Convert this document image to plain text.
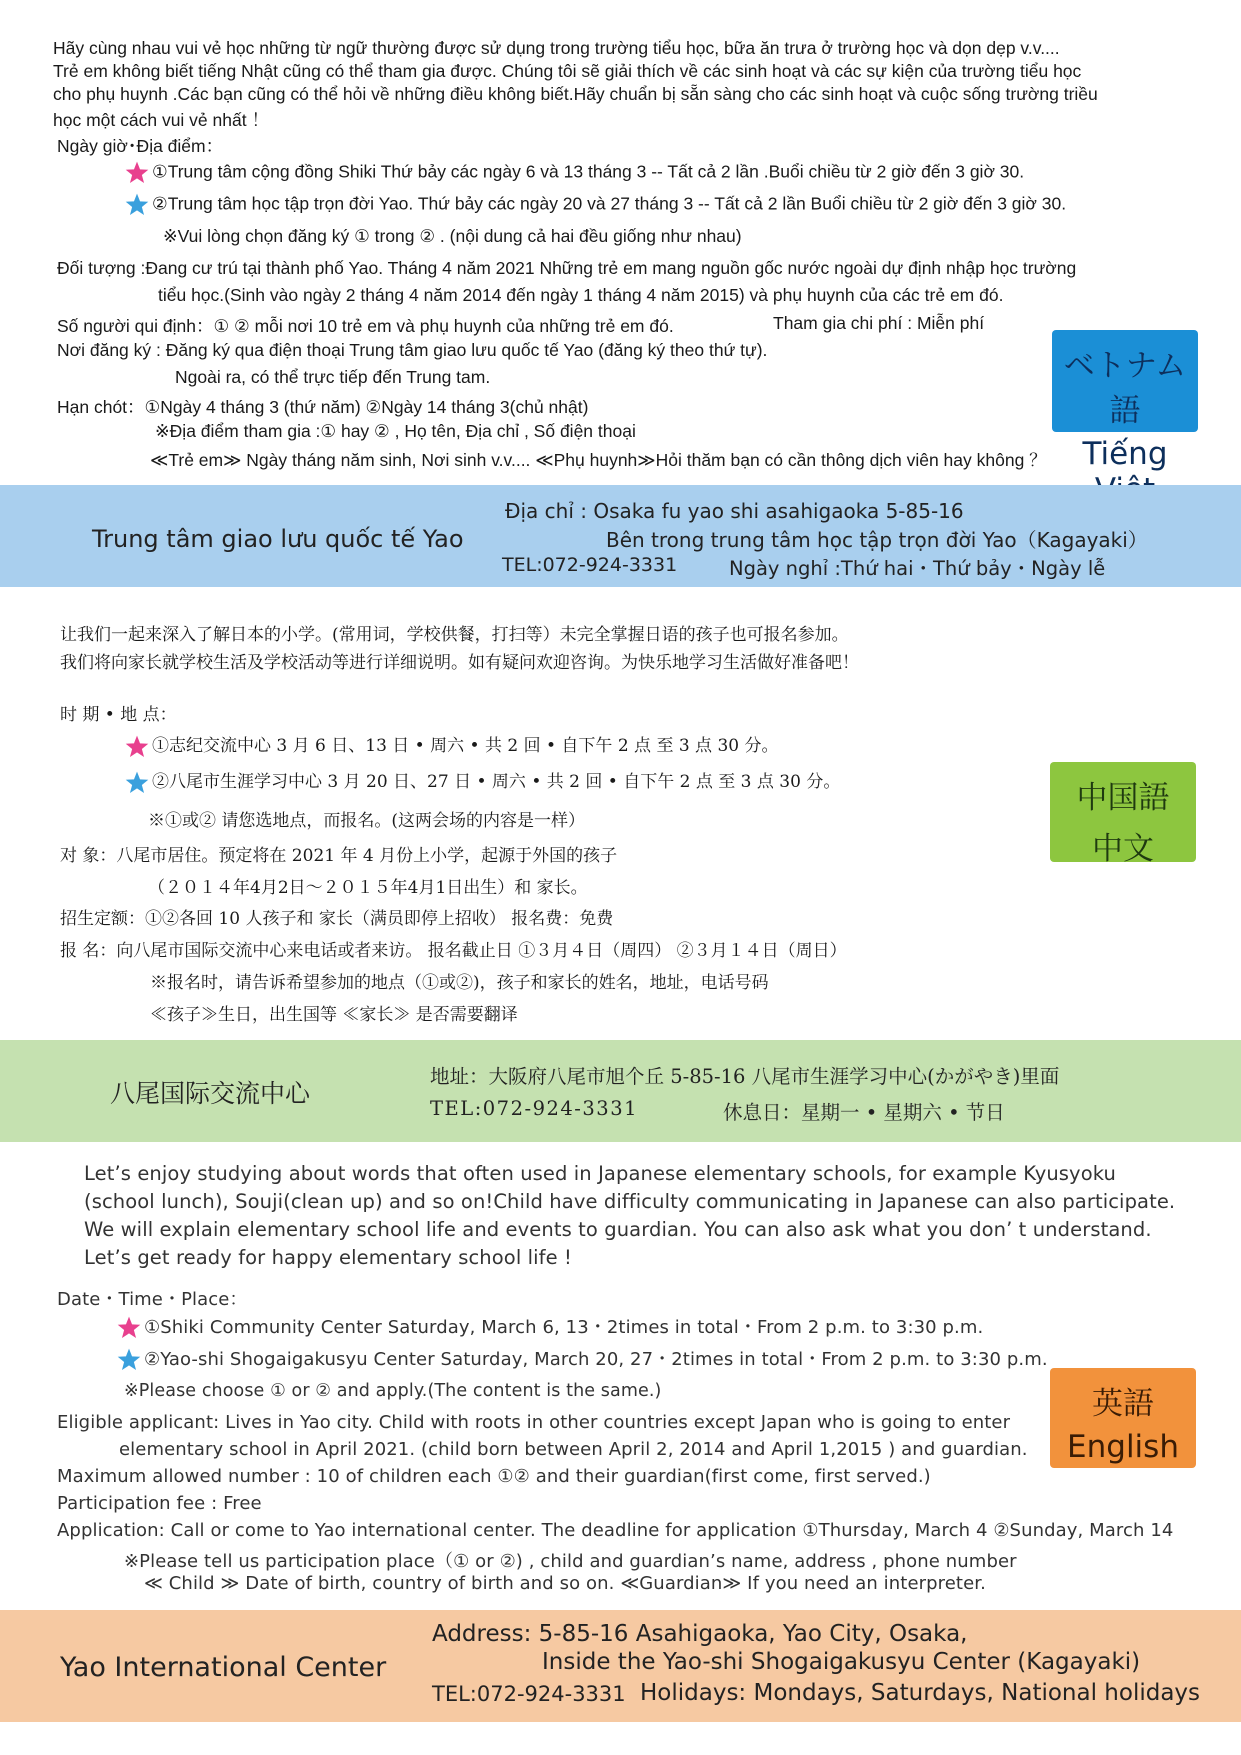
Hãy cùng nhau vui vẻ học những từ ngữ thường được sử dụng trong trường tiểu học, bữa ăn trưa ở trường học và dọn dẹp v.v....
Trẻ em không biết tiếng Nhật cũng có thể tham gia được. Chúng tôi sẽ giải thích về các sinh hoạt và các sự kiện của trường tiểu học
cho phụ huynh .Các bạn cũng có thể hỏi về những điều không biết.Hãy chuẩn bị sẵn sàng cho các sinh hoạt và cuộc sống trường triều
học một cách vui vẻ nhất ！
Ngày giờ･Địa điểm：
①Trung tâm cộng đồng Shiki Thứ bảy các ngày 6 và 13 tháng 3 -- Tất cả 2 lần .Buổi chiều từ 2 giờ đến 3 giờ 30.
②Trung tâm học tập trọn đời Yao. Thứ bảy các ngày 20 và 27 tháng 3 -- Tất cả 2 lần Buổi chiều từ 2 giờ đến 3 giờ 30.
※Vui lòng chọn đăng ký ① trong ② . (nội dung cả hai đều giống như nhau)
Đối tượng :Đang cư trú tại thành phố Yao. Tháng 4 năm 2021 Những trẻ em mang nguồn gốc nước ngoài dự định nhập học trường
tiểu học.(Sinh vào ngày 2 tháng 4 năm 2014 đến ngày 1 tháng 4 năm 2015) và phụ huynh của các trẻ em đó.
Số người qui định：① ② mỗi nơi 10 trẻ em và phụ huynh của những trẻ em đó.	Tham gia chi phí : Miễn phí
Nơi đăng ký : Đăng ký qua điện thoại Trung tâm giao lưu quốc tế Yao (đăng ký theo thứ tự).
Ngoài ra, có thể trực tiếp đến Trung tam.
Hạn chót：①Ngày 4 tháng 3 (thứ năm) ②Ngày 14 tháng 3(chủ nhật)
※Địa điểm tham gia :① hay ② , Họ tên, Địa chỉ , Số điện thoại
≪Trẻ em≫ Ngày tháng năm sinh, Nơi sinh v.v.... ≪Phụ huynh≫Hỏi thăm bạn có cần thông dịch viên hay không ？
ベトナム語
Tiếng
Trung tâm giao lưu quốc tế Yao
Địa chỉ : Osaka fu yao shi asahigaoka 5-85-16
Bên trong trung tâm học tập trọn đời Yao（Kagayaki）
TEL:072-924-3331	Ngày nghỉ :Thứ hai・Thứ bảy・Ngày lễ
让我们一起来深入了解日本的小学。(常用词，学校供餐，打扫等）未完全掌握日语的孩子也可报名参加。
我们将向家长就学校生活及学校活动等进行详细说明。如有疑问欢迎咨询。为快乐地学习生活做好准备吧！
时 期 • 地 点：
①志纪交流中心 3 月 6 日、13 日 • 周六 • 共 2 回 • 自下午 2 点 至 3 点 30 分。
②八尾市生涯学习中心 3 月 20 日、27 日 • 周六 • 共 2 回 • 自下午 2 点 至 3 点 30 分。
※①或② 请您选地点，而报名。(这两会场的内容是一样）
对 象：八尾市居住。预定将在 2021 年 4 月份上小学，起源于外国的孩子
（２０１４年4月2日～２０１５年4月1日出生）和 家长。
招生定额：①②各回 10 人孩子和 家长（满员即停上招收） 报名费：免费
报 名：向八尾市国际交流中心来电话或者来访。 报名截止日 ①３月４日（周四） ②３月１４日（周日）
※报名时，请告诉希望参加的地点（①或②)，孩子和家长的姓名，地址，电话号码
≪孩子≫生日，出生国等 ≪家长≫ 是否需要翻译
中国語
中文
八尾国际交流中心
地址：大阪府八尾市旭个丘 5-85-16 八尾市生涯学习中心(かがやき)里面
TEL:072-924-3331	休息日：星期一 • 星期六 • 节日
Let’s enjoy studying about words that often used in Japanese elementary schools, for example Kyusyoku
(school lunch), Souji(clean up) and so on!Child have difficulty communicating in Japanese can also participate.
We will explain elementary school life and events to guardian. You can also ask what you don’ t understand.
Let’s get ready for happy elementary school life !
Date・Time・Place：
①Shiki Community Center Saturday, March 6, 13・2times in total・From 2 p.m. to 3:30 p.m.
②Yao-shi Shogaigakusyu Center Saturday, March 20, 27・2times in total・From 2 p.m. to 3:30 p.m.
※Please choose ① or ② and apply.(The content is the same.)
Eligible applicant: Lives in Yao city. Child with roots in other countries except Japan who is going to enter
elementary school in April 2021. (child born between April 2, 2014 and April 1,2015 ) and guardian.
Maximum allowed number : 10 of children each ①② and their guardian(first come, first served.)
Participation fee : Free
Application: Call or come to Yao international center. The deadline for application ①Thursday, March 4 ②Sunday, March 14
※Please tell us participation place（① or ②) , child and guardian’s name, address , phone number
≪ Child ≫ Date of birth, country of birth and so on. ≪Guardian≫ If you need an interpreter.
英語
English
Yao International Center
Address: 5-85-16 Asahigaoka, Yao City, Osaka,
Inside the Yao-shi Shogaigakusyu Center (Kagayaki)
TEL:072-924-3331 Holidays: Mondays, Saturdays, National holidays
